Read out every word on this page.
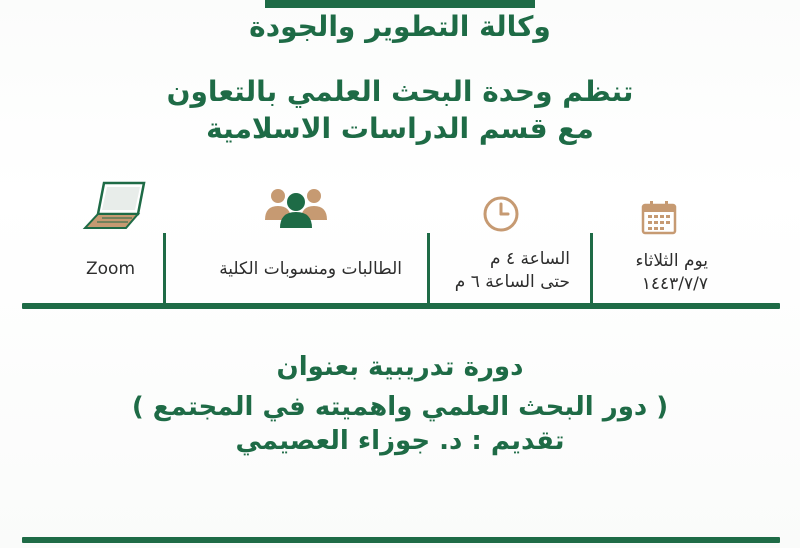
وكالة التطوير والجودة
تنظم وحدة البحث العلمي بالتعاون
مع قسم الدراسات الاسلامية
يوم الثلاثاء
١٤٤٣/٧/٧
الساعة ٤ م
حتى الساعة ٦ م
الطالبات ومنسوبات الكلية
Zoom
دورة تدريبية بعنوان
( دور البحث العلمي واهميته في المجتمع )
تقديم : د. جوزاء العصيمي
